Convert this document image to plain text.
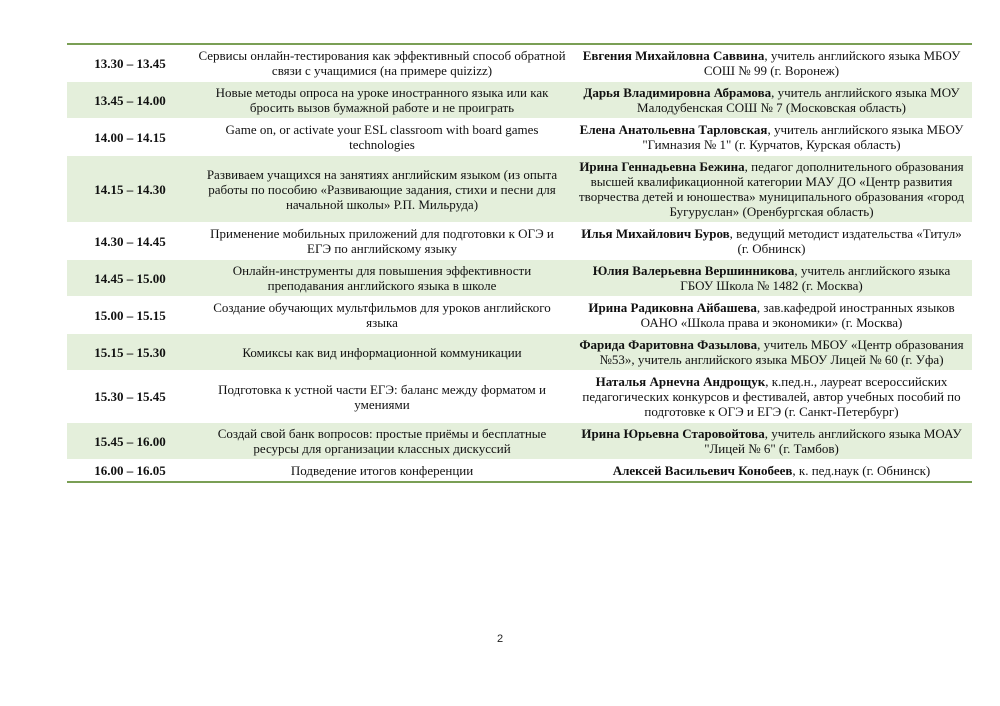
13.30 – 13.45	Сервисы онлайн-тестирования как эффективный способ обратной связи с учащимися (на примере quizizz)	Евгения Михайловна Саввина, учитель английского языка МБОУ СОШ № 99 (г. Воронеж)
13.45 – 14.00	Новые методы опроса на уроке иностранного языка или как бросить вызов бумажной работе и не проиграть	Дарья Владимировна Абрамова, учитель английского языка МОУ Малодубенская СОШ № 7 (Московская область)
14.00 – 14.15	Game on, or activate your ESL classroom with board games technologies	Елена Анатольевна Тарловская, учитель английского языка МБОУ "Гимназия № 1" (г. Курчатов, Курская область)
14.15 – 14.30	Развиваем учащихся на занятиях английским языком (из опыта работы по пособию «Развивающие задания, стихи и песни для начальной школы» Р.П. Мильруда)	Ирина Геннадьевна Бежина, педагог дополнительного образования высшей квалификационной категории МАУ ДО «Центр развития творчества детей и юношества» муниципального образования «город Бугуруслан» (Оренбургская область)
14.30 – 14.45	Применение мобильных приложений для подготовки к ОГЭ и ЕГЭ по английскому языку	Илья Михайлович Буров, ведущий методист издательства «Титул» (г. Обнинск)
14.45 – 15.00	Онлайн-инструменты для повышения эффективности преподавания английского языка в школе	Юлия Валерьевна Вершинникова, учитель английского языка ГБОУ Школа № 1482 (г. Москва)
15.00 – 15.15	Создание обучающих мультфильмов для уроков английского языка	Ирина Радиковна Айбашева, зав.кафедрой иностранных языков ОАНО «Школа права и экономики» (г. Москва)
15.15 – 15.30	Комиксы как вид информационной коммуникации	Фарида Фаритовна Фазылова, учитель МБОУ «Центр образования №53», учитель английского языка МБОУ Лицей № 60 (г. Уфа)
15.30 – 15.45	Подготовка к устной части ЕГЭ: баланс между форматом и умениями	Наталья Арнevна Андрощук, к.пед.н., лауреат всероссийских педагогических конкурсов и фестивалей, автор учебных пособий по подготовке к ОГЭ и ЕГЭ (г. Санкт-Петербург)
15.45 – 16.00	Создай свой банк вопросов: простые приёмы и бесплатные ресурсы для организации классных дискуссий	Ирина Юрьевна Старовойтова, учитель английского языка МОАУ "Лицей № 6" (г. Тамбов)
16.00 – 16.05	Подведение итогов конференции	Алексей Васильевич Конобеев, к. пед.наук (г. Обнинск)
2
